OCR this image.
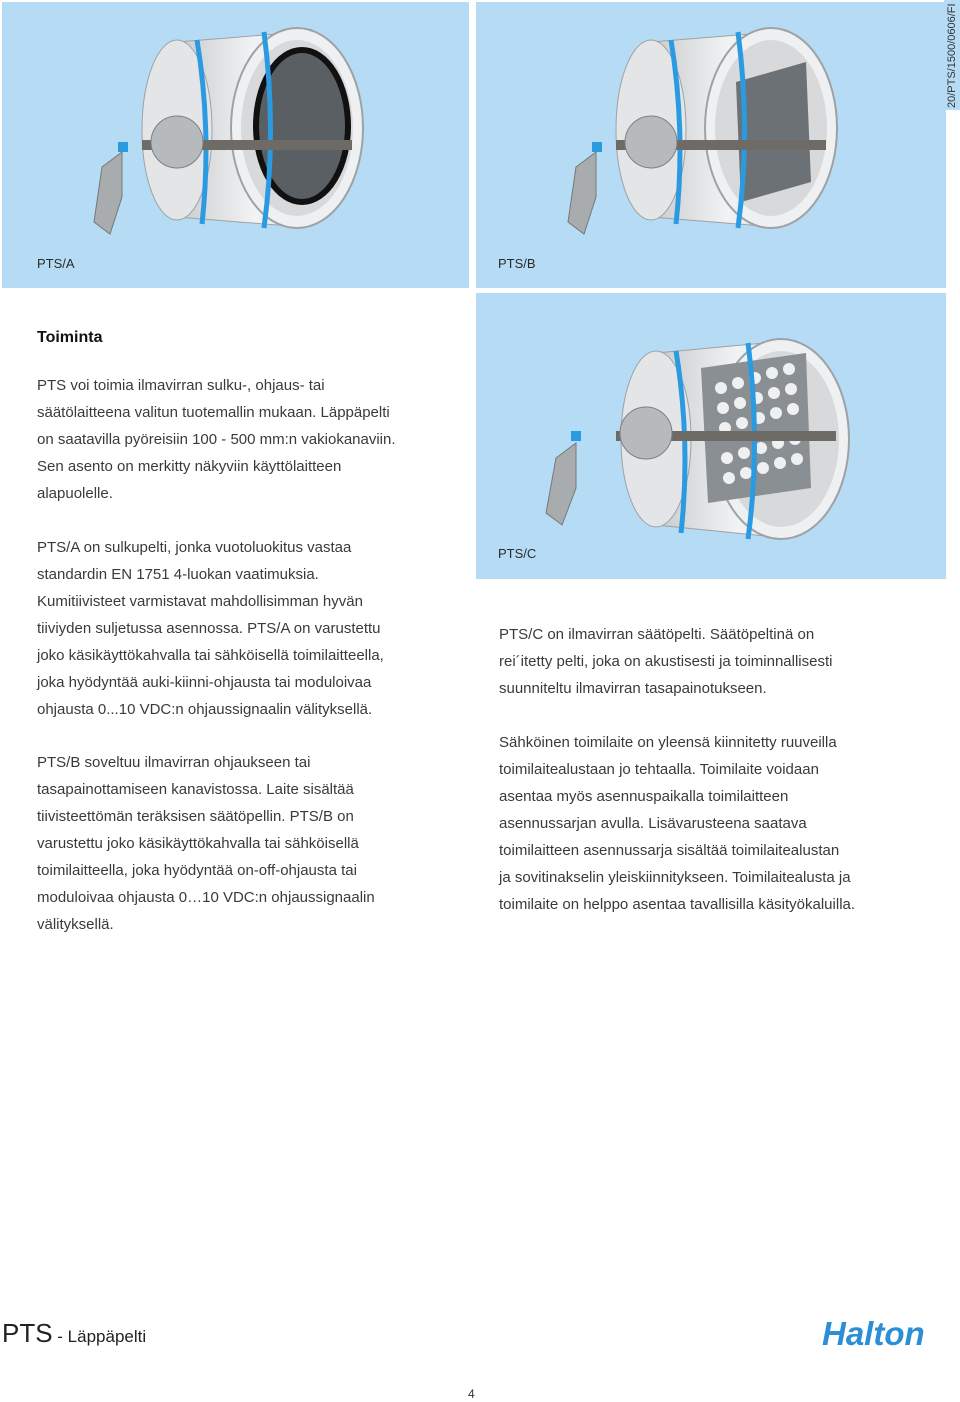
PTS/A	PTS/B
20/PTS/1500/0606/FI
PTS/C
Toiminta
PTS voi toimia ilmavirran sulku-, ohjaus- tai
säätölaitteena valitun tuotemallin mukaan. Läppäpelti
on saatavilla pyöreisiin 100 - 500 mm:n vakiokanaviin.
Sen asento on merkitty näkyviin käyttölaitteen
alapuolelle.
PTS/A on sulkupelti, jonka vuotoluokitus vastaa
standardin EN 1751 4-luokan vaatimuksia.
Kumitiivisteet varmistavat mahdollisimman hyvän
tiiviyden suljetussa asennossa. PTS/A on varustettu
joko käsikäyttökahvalla tai sähköisellä toimilaitteella,
joka hyödyntää auki-kiinni-ohjausta tai moduloivaa
ohjausta 0...10 VDC:n ohjaussignaalin välityksellä.
PTS/B soveltuu ilmavirran ohjaukseen tai
tasapainottamiseen kanavistossa. Laite sisältää
tiivisteettömän teräksisen säätöpellin. PTS/B on
varustettu joko käsikäyttökahvalla tai sähköisellä
toimilaitteella, joka hyödyntää on-off-ohjausta tai
moduloivaa ohjausta 0…10 VDC:n ohjaussignaalin
välityksellä.
PTS/C on ilmavirran säätöpelti. Säätöpeltinä on
rei´itetty pelti, joka on akustisesti ja toiminnallisesti
suunniteltu ilmavirran tasapainotukseen.
Sähköinen toimilaite on yleensä kiinnitetty ruuveilla
toimilaitealustaan jo tehtaalla. Toimilaite voidaan
asentaa myös asennuspaikalla toimilaitteen
asennussarjan avulla. Lisävarusteena saatava
toimilaitteen asennussarja sisältää toimilaitealustan
ja sovitinakselin yleiskiinnitykseen. Toimilaitealusta ja
toimilaite on helppo asentaa tavallisilla käsityökaluilla.
PTS - Läppäpelti	Halton
4
